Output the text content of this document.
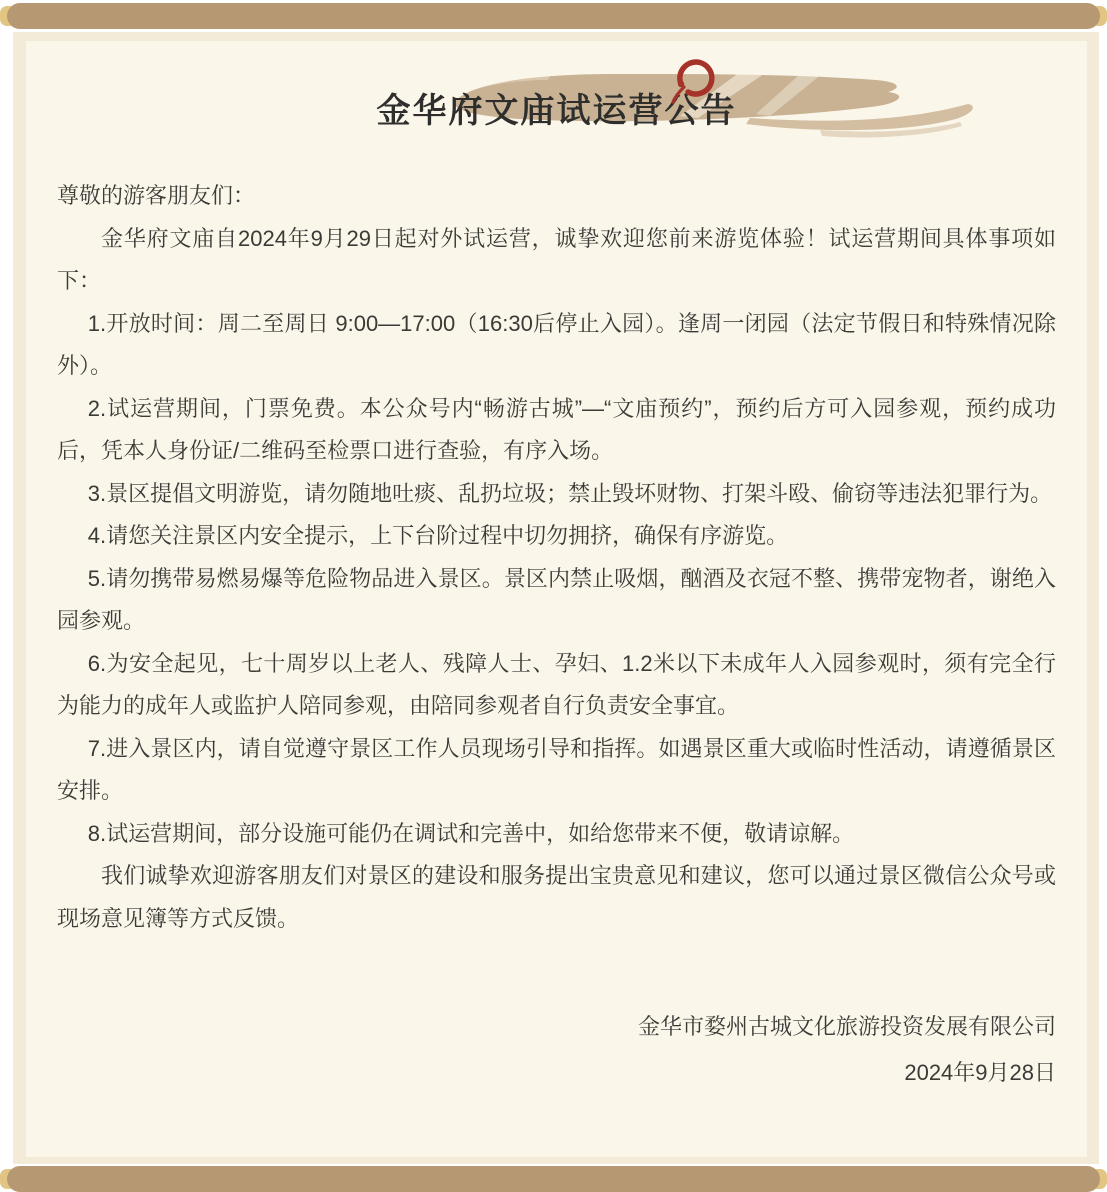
金华府文庙试运营公告

尊敬的游客朋友们：

金华府文庙自2024年9月29日起对外试运营，诚挚欢迎您前来游览体验！试运营期间具体事项如下：

1.开放时间：周二至周日 9:00—17:00（16:30后停止入园）。逢周一闭园（法定节假日和特殊情况除外）。

2.试运营期间，门票免费。本公众号内“畅游古城”—“文庙预约”，预约后方可入园参观，预约成功后，凭本人身份证/二维码至检票口进行查验，有序入场。

3.景区提倡文明游览，请勿随地吐痰、乱扔垃圾；禁止毁坏财物、打架斗殴、偷窃等违法犯罪行为。

4.请您关注景区内安全提示，上下台阶过程中切勿拥挤，确保有序游览。

5.请勿携带易燃易爆等危险物品进入景区。景区内禁止吸烟，酗酒及衣冠不整、携带宠物者，谢绝入园参观。

6.为安全起见，七十周岁以上老人、残障人士、孕妇、1.2米以下未成年人入园参观时，须有完全行为能力的成年人或监护人陪同参观，由陪同参观者自行负责安全事宜。

7.进入景区内，请自觉遵守景区工作人员现场引导和指挥。如遇景区重大或临时性活动，请遵循景区安排。

8.试运营期间，部分设施可能仍在调试和完善中，如给您带来不便，敬请谅解。

我们诚挚欢迎游客朋友们对景区的建设和服务提出宝贵意见和建议，您可以通过景区微信公众号或现场意见簿等方式反馈。

金华市婺州古城文化旅游投资发展有限公司
2024年9月28日
